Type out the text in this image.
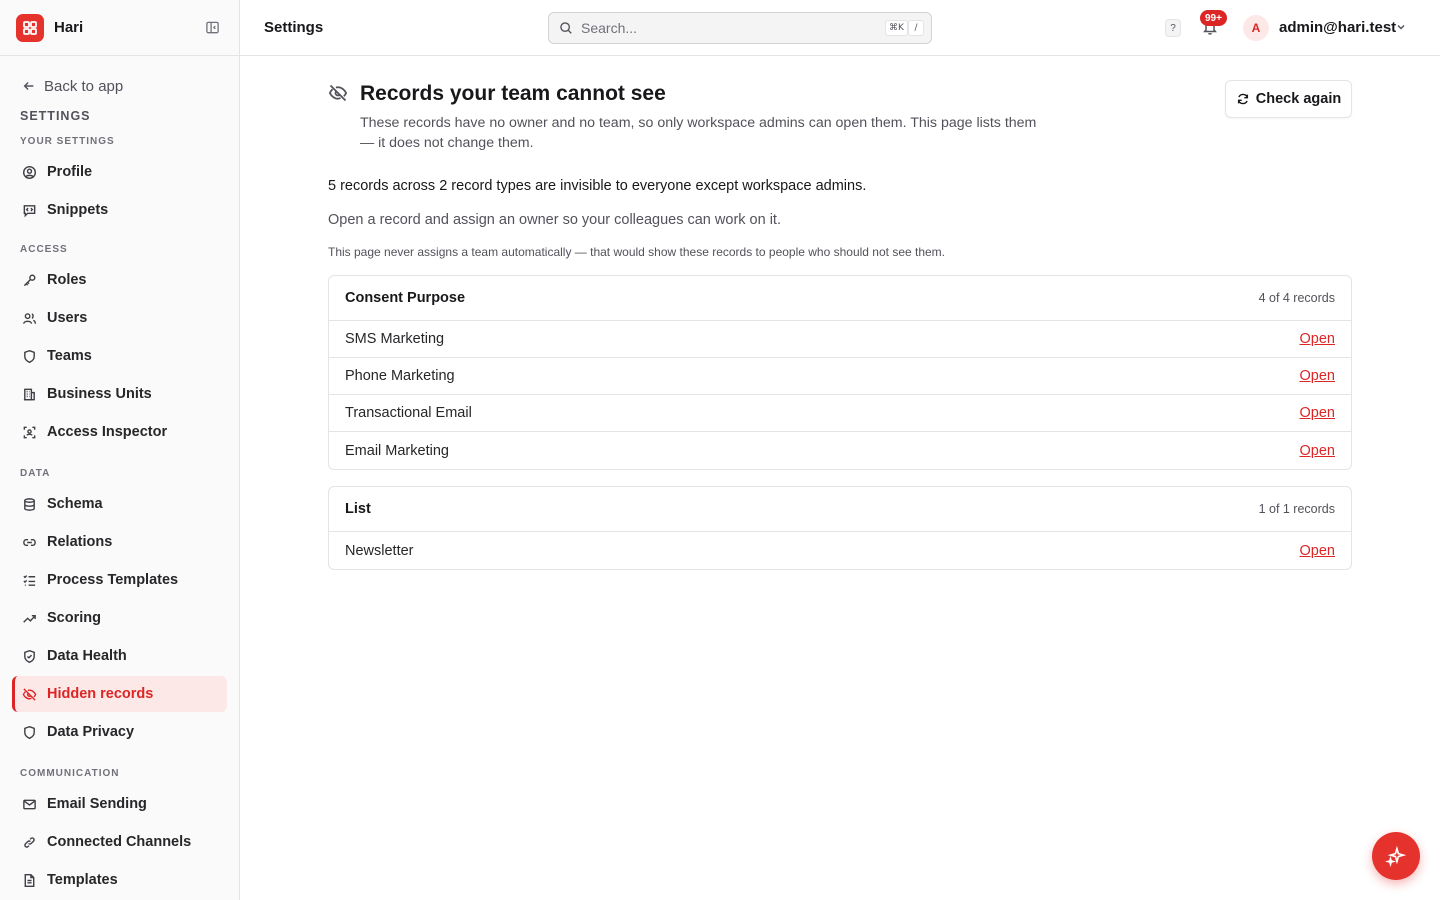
Hari
Back to app
SETTINGS
YOUR SETTINGS
Profile
Snippets
ACCESS
Roles
Users
Teams
Business Units
Access Inspector
DATA
Schema
Relations
Process Templates
Scoring
Data Health
Hidden records
Data Privacy
COMMUNICATION
Email Sending
Connected Channels
Templates
Settings	Search...	⌘K	/	?
99+
A	admin@hari.test
Records your team cannot see

These records have no owner and no team, so only workspace admins can open them. This page lists them — it does not change them.

Check again

5 records across 2 record types are invisible to everyone except workspace admins.

Open a record and assign an owner so your colleagues can work on it.

This page never assigns a team automatically — that would show these records to people who should not see them.

Consent Purpose	4 of 4 records
SMS Marketing	Open
Phone Marketing	Open
Transactional Email	Open
Email Marketing	Open
List	1 of 1 records
Newsletter	Open
